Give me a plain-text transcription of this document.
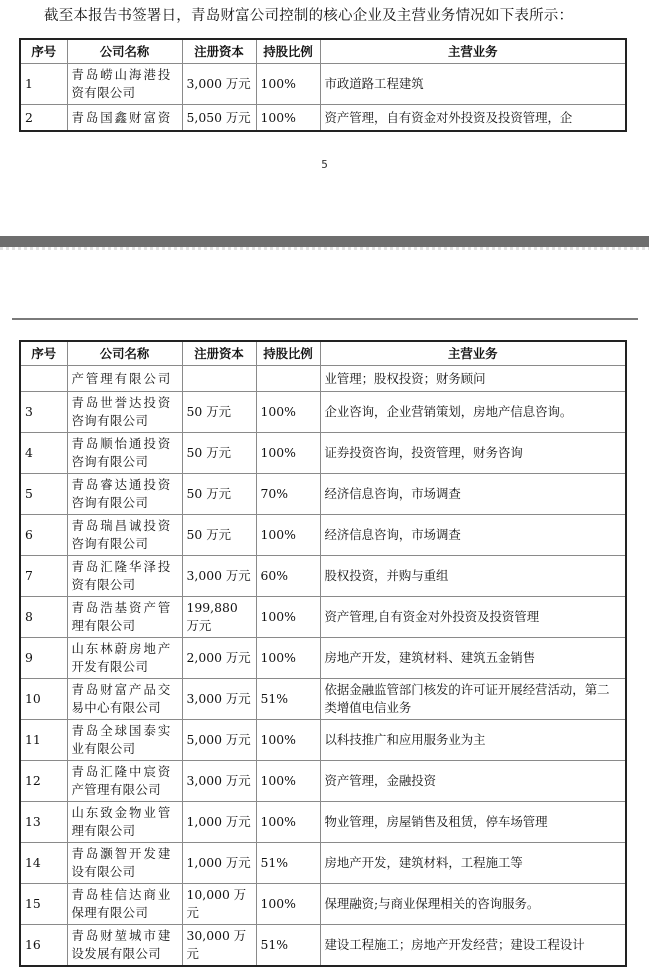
截至本报告书签署日，青岛财富公司控制的核心企业及主营业务情况如下表所示：
序号	公司名称	注册资本	持股比例	主营业务
1	青岛崂山海港投
资有限公司	3,000 万元	100%	市政道路工程建筑
2	青岛国鑫财富资	5,050 万元	100%	资产管理，自有资金对外投资及投资管理，企
5
序号	公司名称	注册资本	持股比例	主营业务

	产管理有限公司			业管理；股权投资；财务顾问
3	青岛世誉达投资
咨询有限公司	50 万元	100%	企业咨询，企业营销策划，房地产信息咨询。
4	青岛顺怡通投资
咨询有限公司	50 万元	100%	证券投资咨询，投资管理，财务咨询
5	青岛睿达通投资
咨询有限公司	50 万元	70%	经济信息咨询，市场调查
6	青岛瑞昌诚投资
咨询有限公司	50 万元	100%	经济信息咨询，市场调查
7	青岛汇隆华泽投
资有限公司	3,000 万元	60%	股权投资，并购与重组
8	青岛浩基资产管
理有限公司	199,880 万元	100%	资产管理,自有资金对外投资及投资管理
9	山东林蔚房地产
开发有限公司	2,000 万元	100%	房地产开发，建筑材料、建筑五金销售
10	青岛财富产品交
易中心有限公司	3,000 万元	51%	依据金融监管部门核发的许可证开展经营活动，第二类增值电信业务
11	青岛全球国泰实
业有限公司	5,000 万元	100%	以科技推广和应用服务业为主
12	青岛汇隆中宸资
产管理有限公司	3,000 万元	100%	资产管理，金融投资
13	山东致金物业管
理有限公司	1,000 万元	100%	物业管理，房屋销售及租赁，停车场管理
14	青岛灏智开发建
设有限公司	1,000 万元	51%	房地产开发，建筑材料，工程施工等
15	青岛桂信达商业
保理有限公司	10,000 万元	100%	保理融资;与商业保理相关的咨询服务。
16	青岛财堃城市建
设发展有限公司	30,000 万元	51%	建设工程施工；房地产开发经营；建设工程设计
